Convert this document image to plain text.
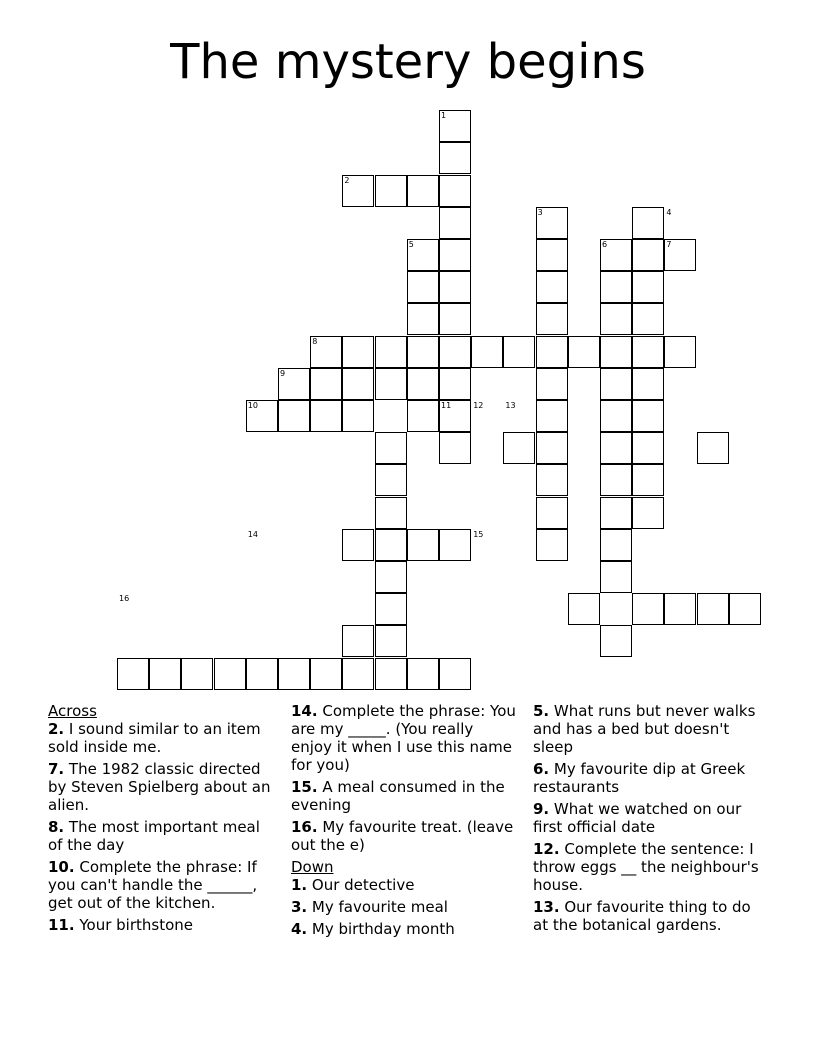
The mystery begins
1
2
3	4
5	6	7
8
9
10	11	12	13
14	15
16
Across
2. I sound similar to an item sold inside me.
7. The 1982 classic directed by Steven Spielberg about an alien.
8. The most important meal of the day
10. Complete the phrase: If you can't handle the ______, get out of the kitchen.
11. Your birthstone
14. Complete the phrase: You are my _____. (You really enjoy it when I use this name for you)
15. A meal consumed in the evening
16. My favourite treat. (leave out the e)
Down
1. Our detective
3. My favourite meal
4. My birthday month
5. What runs but never walks and has a bed but doesn't sleep
6. My favourite dip at Greek restaurants
9. What we watched on our first official date
12. Complete the sentence: I throw eggs __ the neighbour's house.
13. Our favourite thing to do at the botanical gardens.
